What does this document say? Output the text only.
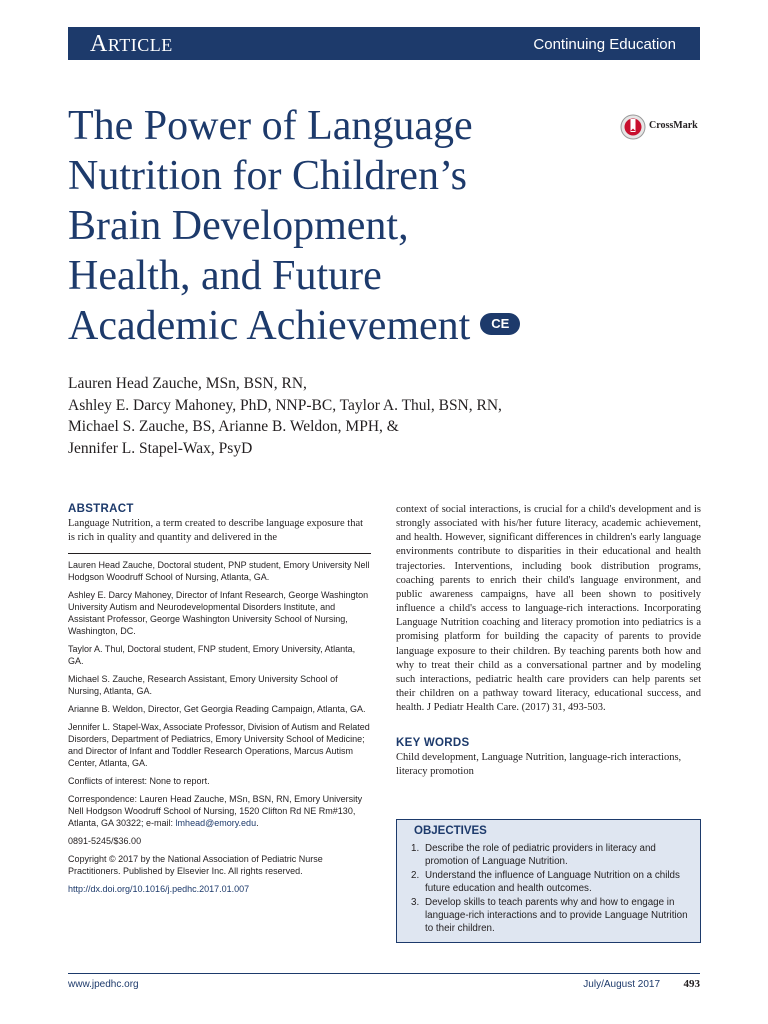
ARTICLE	Continuing Education
The Power of Language
Nutrition for Children’s
Brain Development,
Health, and Future
Academic Achievement CE
CrossMark
Lauren Head Zauche, MSn, BSN, RN,
Ashley E. Darcy Mahoney, PhD, NNP-BC, Taylor A. Thul, BSN, RN,
Michael S. Zauche, BS, Arianne B. Weldon, MPH, &
Jennifer L. Stapel-Wax, PsyD
ABSTRACT

Language Nutrition, a term created to describe language exposure that is rich in quality and quantity and delivered in the

Lauren Head Zauche, Doctoral student, PNP student, Emory University Nell Hodgson Woodruff School of Nursing, Atlanta, GA.

Ashley E. Darcy Mahoney, Director of Infant Research, George Washington University Autism and Neurodevelopmental Disorders Institute, and Assistant Professor, George Washington University School of Nursing, Washington, DC.

Taylor A. Thul, Doctoral student, FNP student, Emory University, Atlanta, GA.

Michael S. Zauche, Research Assistant, Emory University School of Nursing, Atlanta, GA.

Arianne B. Weldon, Director, Get Georgia Reading Campaign, Atlanta, GA.

Jennifer L. Stapel-Wax, Associate Professor, Division of Autism and Related Disorders, Department of Pediatrics, Emory University School of Medicine; and Director of Infant and Toddler Research Operations, Marcus Autism Center, Atlanta, GA.

Conflicts of interest: None to report.

Correspondence: Lauren Head Zauche, MSn, BSN, RN, Emory University Nell Hodgson Woodruff School of Nursing, 1520 Clifton Rd NE Rm#130, Atlanta, GA 30322; e-mail: lmhead@emory.edu.

0891-5245/$36.00

Copyright © 2017 by the National Association of Pediatric Nurse Practitioners. Published by Elsevier Inc. All rights reserved.

http://dx.doi.org/10.1016/j.pedhc.2017.01.007

context of social interactions, is crucial for a child's development and is strongly associated with his/her future literacy, academic achievement, and health. However, significant differences in children's early language environments contribute to disparities in their educational and health trajectories. Interventions, including book distribution programs, coaching parents to enrich their child's language environment, and public awareness campaigns, have all been shown to positively influence a child's access to language-rich interactions. Incorporating Language Nutrition coaching and literacy promotion into pediatrics is a promising platform for building the capacity of parents to provide language exposure to their children. By teaching parents both how and why to treat their child as a conversational partner and by modeling such interactions, pediatric health care providers can help parents set their children on a pathway toward literacy, educational success, and health. J Pediatr Health Care. (2017) 31, 493-503.

KEY WORDS

Child development, Language Nutrition, language-rich interactions, literacy promotion

OBJECTIVES
1. Describe the role of pediatric providers in literacy and promotion of Language Nutrition.
2. Understand the influence of Language Nutrition on a childs future education and health outcomes.
3. Develop skills to teach parents why and how to engage in language-rich interactions and to provide Language Nutrition to their children.
www.jpedhc.org	July/August 2017 493
